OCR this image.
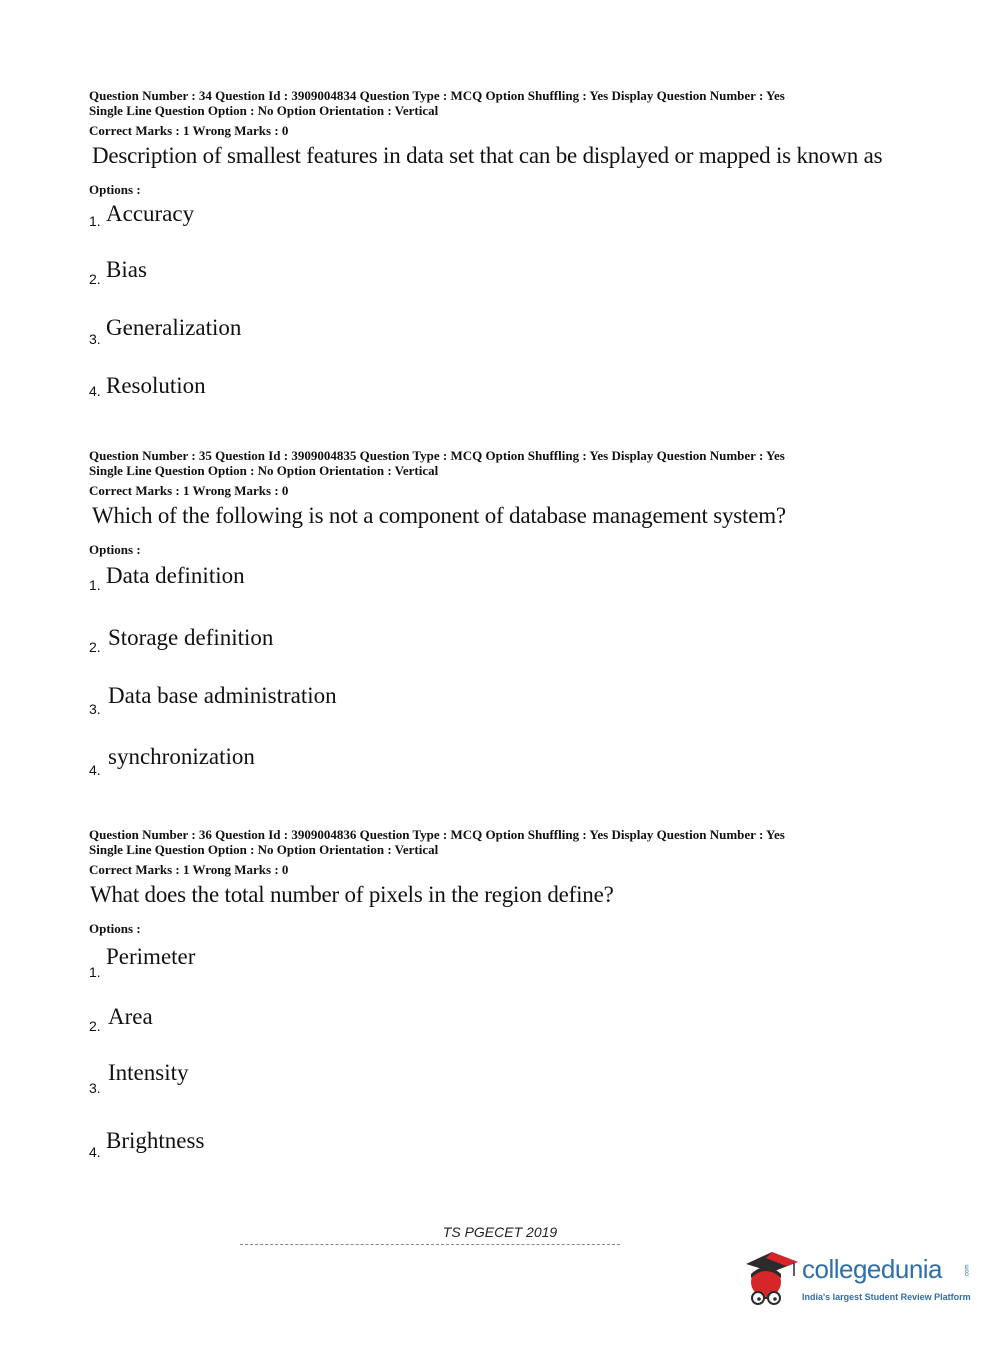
Question Number : 34 Question Id : 3909004834 Question Type : MCQ Option Shuffling : Yes Display Question Number : Yes
Single Line Question Option : No Option Orientation : Vertical
Correct Marks : 1 Wrong Marks : 0
Description of smallest features in data set that can be displayed or mapped is known as
Options :
1. Accuracy
2. Bias
3. Generalization
4. Resolution
Question Number : 35 Question Id : 3909004835 Question Type : MCQ Option Shuffling : Yes Display Question Number : Yes
Single Line Question Option : No Option Orientation : Vertical
Correct Marks : 1 Wrong Marks : 0
Which of the following is not a component of database management system?
Options :
1. Data definition
2. Storage definition
3.
Data base administration
4.
synchronization
Question Number : 36 Question Id : 3909004836 Question Type : MCQ Option Shuffling : Yes Display Question Number : Yes
Single Line Question Option : No Option Orientation : Vertical
Correct Marks : 1 Wrong Marks : 0
What does the total number of pixels in the region define?
Options :
1.
Perimeter
2. Area
3.
Intensity
4. Brightness
TS PGECET 2019
collegedunia	.com
India's largest Student Review Platform
